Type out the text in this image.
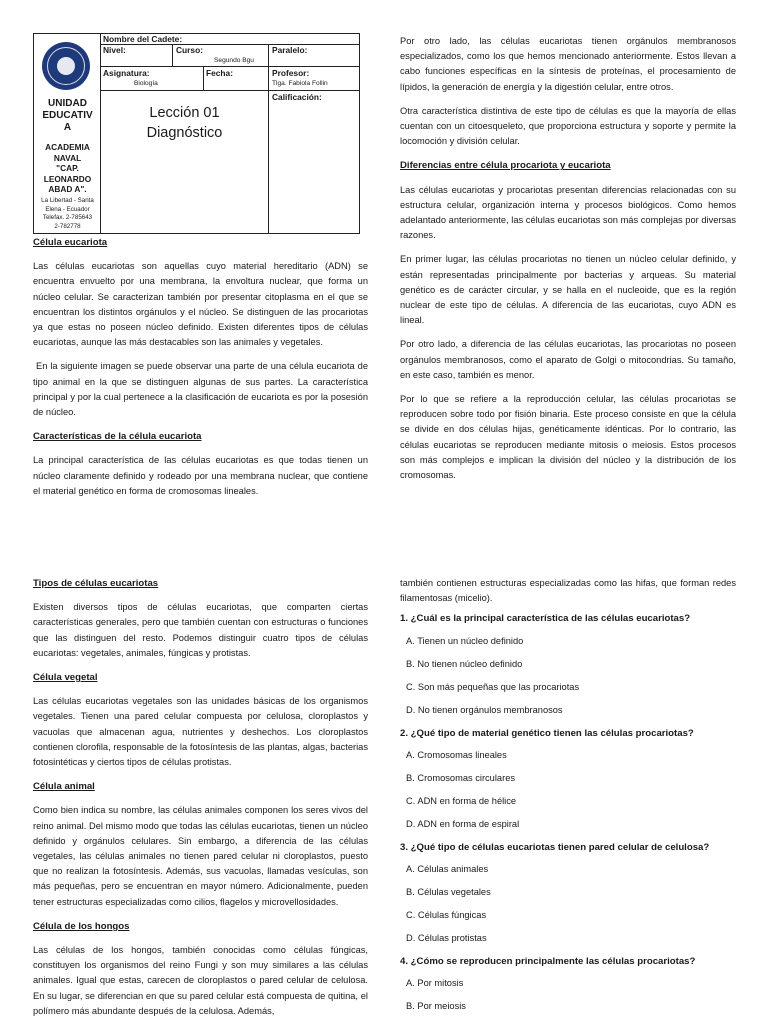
UNIDAD
EDUCATIV
A
ACADEMIA
NAVAL
"CAP.
LEONARDO
ABAD A".
La Libertad - Santa
Elena - Ecuador
Telefax. 2-785643
2-782778
Nombre del Cadete:
Nivel:	Curso:
Segundo Bgu
Paralelo:
Asignatura:
Biología
Fecha:	Profesor:
Tlga. Fabiola Follin
Calificación:
Lección 01
Diagnóstico
Célula eucariota

Las células eucariotas son aquellas cuyo material hereditario (ADN) se encuentra envuelto por una membrana, la envoltura nuclear, que forma un núcleo celular. Se caracterizan también por presentar citoplasma en el que se encuentran los distintos orgánulos y el núcleo. Se distinguen de las procariotas ya que estas no poseen núcleo definido. Existen diferentes tipos de células eucariotas, aunque las más destacables son las animales y vegetales.

En la siguiente imagen se puede observar una parte de una célula eucariota de tipo animal en la que se distinguen algunas de sus partes. La característica principal y por la cual pertenece a la clasificación de eucariota es por la posesión de núcleo.

Características de la célula eucariota

La principal característica de las células eucariotas es que todas tienen un núcleo claramente definido y rodeado por una membrana nuclear, que contiene el material genético en forma de cromosomas lineales.

Por otro lado, las células eucariotas tienen orgánulos membranosos especializados, como los que hemos mencionado anteriormente. Estos llevan a cabo funciones específicas en la síntesis de proteínas, el procesamiento de lípidos, la generación de energía y la digestión celular, entre otros.

Otra característica distintiva de este tipo de células es que la mayoría de ellas cuentan con un citoesqueleto, que proporciona estructura y soporte y permite la locomoción y división celular.

Diferencias entre célula procariota y eucariota

Las células eucariotas y procariotas presentan diferencias relacionadas con su estructura celular, organización interna y procesos biológicos. Como hemos adelantado anteriormente, las células eucariotas son más complejas por diversas razones.

En primer lugar, las células procariotas no tienen un núcleo celular definido, y están representadas principalmente por bacterias y arqueas. Su material genético es de carácter circular, y se halla en el nucleoide, que es la región nuclear de este tipo de células. A diferencia de las eucariotas, cuyo ADN es lineal.

Por otro lado, a diferencia de las células eucariotas, las procariotas no poseen orgánulos membranosos, como el aparato de Golgi o mitocondrias. Su tamaño, en este caso, también es menor.

Por lo que se refiere a la reproducción celular, las células procariotas se reproducen sobre todo por fisión binaria. Este proceso consiste en que la célula se divide en dos células hijas, genéticamente idénticas. Por lo contrario, las células eucariotas se reproducen mediante mitosis o meiosis. Estos procesos son más complejos e implican la división del núcleo y la distribución de los cromosomas.

Tipos de células eucariotas

Existen diversos tipos de células eucariotas, que comparten ciertas características generales, pero que también cuentan con estructuras o funciones que las distinguen del resto. Podemos distinguir cuatro tipos de células eucariotas: vegetales, animales, fúngicas y protistas.

Célula vegetal

Las células eucariotas vegetales son las unidades básicas de los organismos vegetales. Tienen una pared celular compuesta por celulosa, cloroplastos y vacuolas que almacenan agua, nutrientes y deshechos. Los cloroplastos contienen clorofila, responsable de la fotosíntesis de las plantas, algas, bacterias fotosintéticas y ciertos tipos de células protistas.

Célula animal

Como bien indica su nombre, las células animales componen los seres vivos del reino animal. Del mismo modo que todas las células eucariotas, tienen un núcleo definido y orgánulos celulares. Sin embargo, a diferencia de las células vegetales, las células animales no tienen pared celular ni cloroplastos, puesto que no realizan la fotosíntesis. Además, sus vacuolas, llamadas vesículas, son más pequeñas, pero se encuentran en mayor número. Adicionalmente, pueden tener estructuras especializadas como cilios, flagelos y microvellosidades.

Célula de los hongos

Las células de los hongos, también conocidas como células fúngicas, constituyen los organismos del reino Fungi y son muy similares a las células animales. Igual que estas, carecen de cloroplastos o pared celular de celulosa. En su lugar, se diferencian en que su pared celular está compuesta de quitina, el polímero más abundante después de la celulosa. Además,

también contienen estructuras especializadas como las hifas, que forman redes filamentosas (micelio).

1. ¿Cuál es la principal característica de las células eucariotas?
A. Tienen un núcleo definido
B. No tienen núcleo definido
C. Son más pequeñas que las procariotas
D. No tienen orgánulos membranosos
2. ¿Qué tipo de material genético tienen las células procariotas?
A. Cromosomas lineales
B. Cromosomas circulares
C. ADN en forma de hélice
D. ADN en forma de espiral
3. ¿Qué tipo de células eucariotas tienen pared celular de celulosa?
A. Células animales
B. Células vegetales
C. Células fúngicas
D. Células protistas
4. ¿Cómo se reproducen principalmente las células procariotas?
A. Por mitosis
B. Por meiosis
